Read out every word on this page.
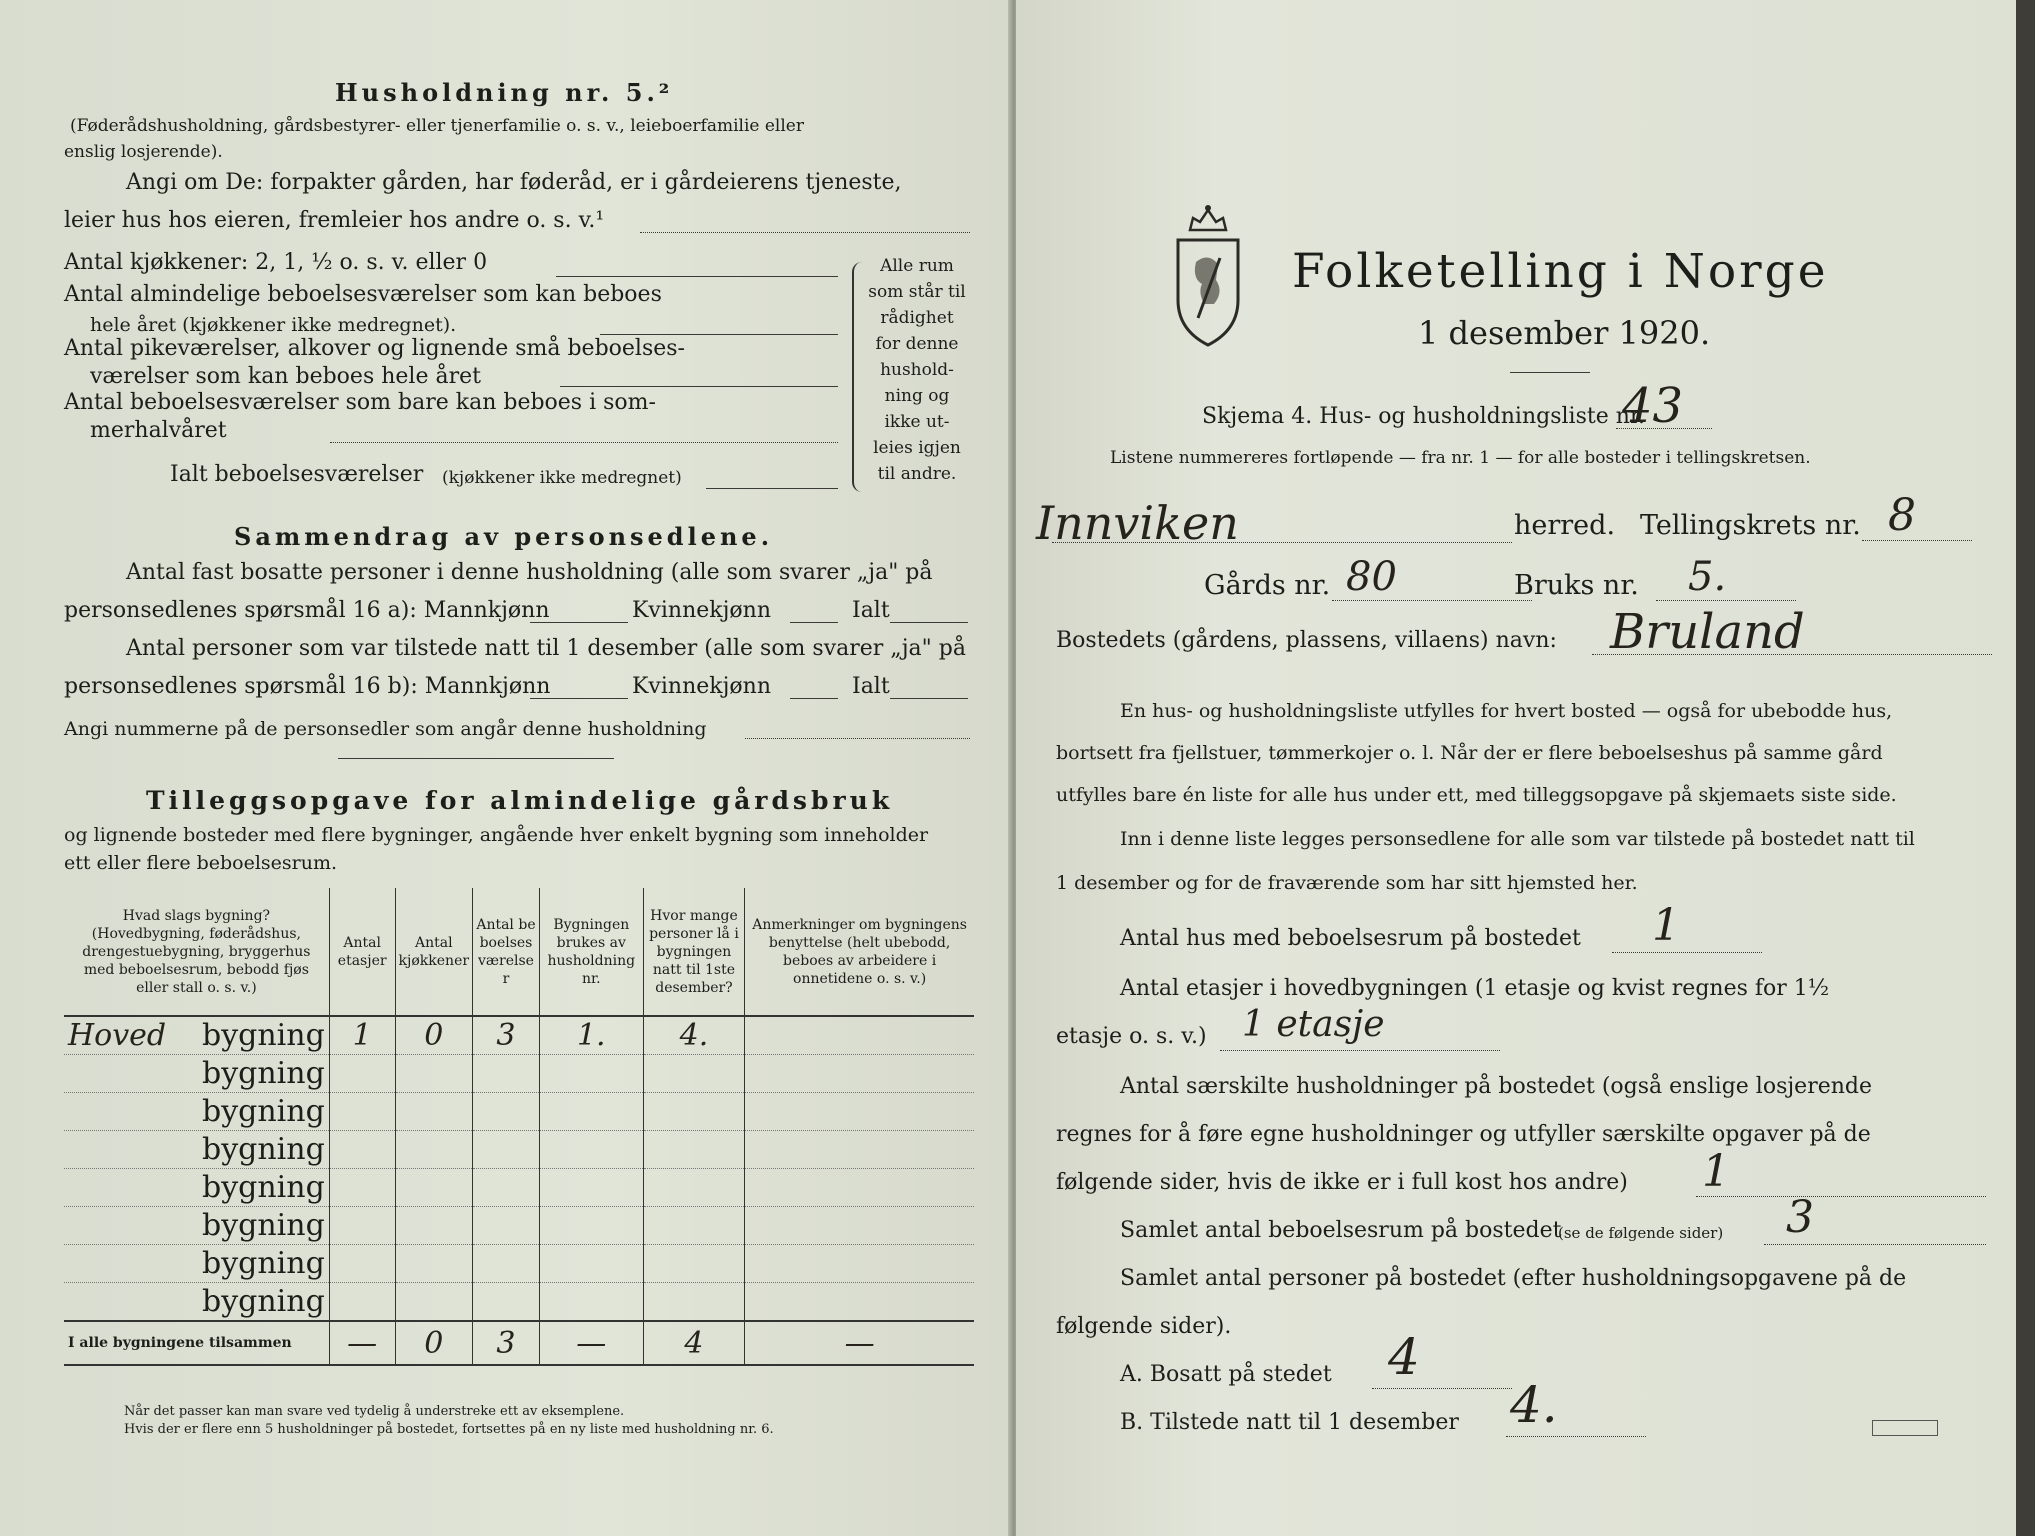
Husholdning nr. 5.²
(Føderådshusholdning, gårdsbestyrer- eller tjenerfamilie o. s. v., leieboerfamilie eller
enslig losjerende).
Angi om De: forpakter gården, har føderåd, er i gårdeierens tjeneste,
leier hus hos eieren, fremleier hos andre o. s. v.¹
Antal kjøkkener: 2, 1, ½ o. s. v. eller 0
Antal almindelige beboelsesværelser som kan beboes
hele året (kjøkkener ikke medregnet).
Antal pikeværelser, alkover og lignende små beboelses-
værelser som kan beboes hele året
Antal beboelsesværelser som bare kan beboes i som-
merhalvåret
Ialt beboelsesværelser (kjøkkener ikke medregnet)
Alle rum
som står til
rådighet
for denne
hushold-
ning og
ikke ut-
leies igjen
til andre.
Sammendrag av personsedlene.
Antal fast bosatte personer i denne husholdning (alle som svarer „ja" på
personsedlenes spørsmål 16 a): Mannkjønn	Kvinnekjønn	Ialt
Antal personer som var tilstede natt til 1 desember (alle som svarer „ja" på
personsedlenes spørsmål 16 b): Mannkjønn	Kvinnekjønn	Ialt
Angi nummerne på de personsedler som angår denne husholdning
Tilleggsopgave for almindelige gårdsbruk
og lignende bosteder med flere bygninger, angående hver enkelt bygning som inneholder
ett eller flere beboelsesrum.
Hvad slags bygning? (Hovedbygning, føderådshus, drengestuebygning, bryggerhus med beboelsesrum, bebodd fjøs eller stall o. s. v.)	Antal etasjer	Antal kjøkkener	Antal beboelsesværelser	Bygningen brukes av husholdning nr.	Hvor mange personer lå i bygningen natt til 1ste desember?	Anmerkninger om bygningens benyttelse (helt ubebodd, beboes av arbeidere i onnetidene o. s. v.)

Hoved bygning	1	0	3	1.	4.	

bygning						

bygning						

bygning						

bygning						

bygning						

bygning						

bygning						
I alle bygningene tilsammen	—	0	3	—	4	—
Når det passer kan man svare ved tydelig å understreke ett av eksemplene.
Hvis der er flere enn 5 husholdninger på bostedet, fortsettes på en ny liste med husholdning nr. 6.
Folketelling i Norge
1 desember 1920.
Skjema 4. Hus- og husholdningsliste nr.
43
Listene nummereres fortløpende — fra nr. 1 — for alle bosteder i tellingskretsen.
Innviken	herred. Tellingskrets nr. 8
Gårds nr. 80	Bruks nr. 5.
Bostedets (gårdens, plassens, villaens) navn: Bruland
En hus- og husholdningsliste utfylles for hvert bosted — også for ubebodde hus,
bortsett fra fjellstuer, tømmerkojer o. l. Når der er flere beboelseshus på samme gård
utfylles bare én liste for alle hus under ett, med tilleggsopgave på skjemaets siste side.
Inn i denne liste legges personsedlene for alle som var tilstede på bostedet natt til
1 desember og for de fraværende som har sitt hjemsted her.
Antal hus med beboelsesrum på bostedet 1
Antal etasjer i hovedbygningen (1 etasje og kvist regnes for 1½
etasje o. s. v.) 1 etasje
Antal særskilte husholdninger på bostedet (også enslige losjerende
regnes for å føre egne husholdninger og utfyller særskilte opgaver på de
følgende sider, hvis de ikke er i full kost hos andre) 1
Samlet antal beboelsesrum på bostedet
(se de følgende sider) 3
Samlet antal personer på bostedet (efter husholdningsopgavene på de
følgende sider).
A. Bosatt på stedet 4
B. Tilstede natt til 1 desember 4.
